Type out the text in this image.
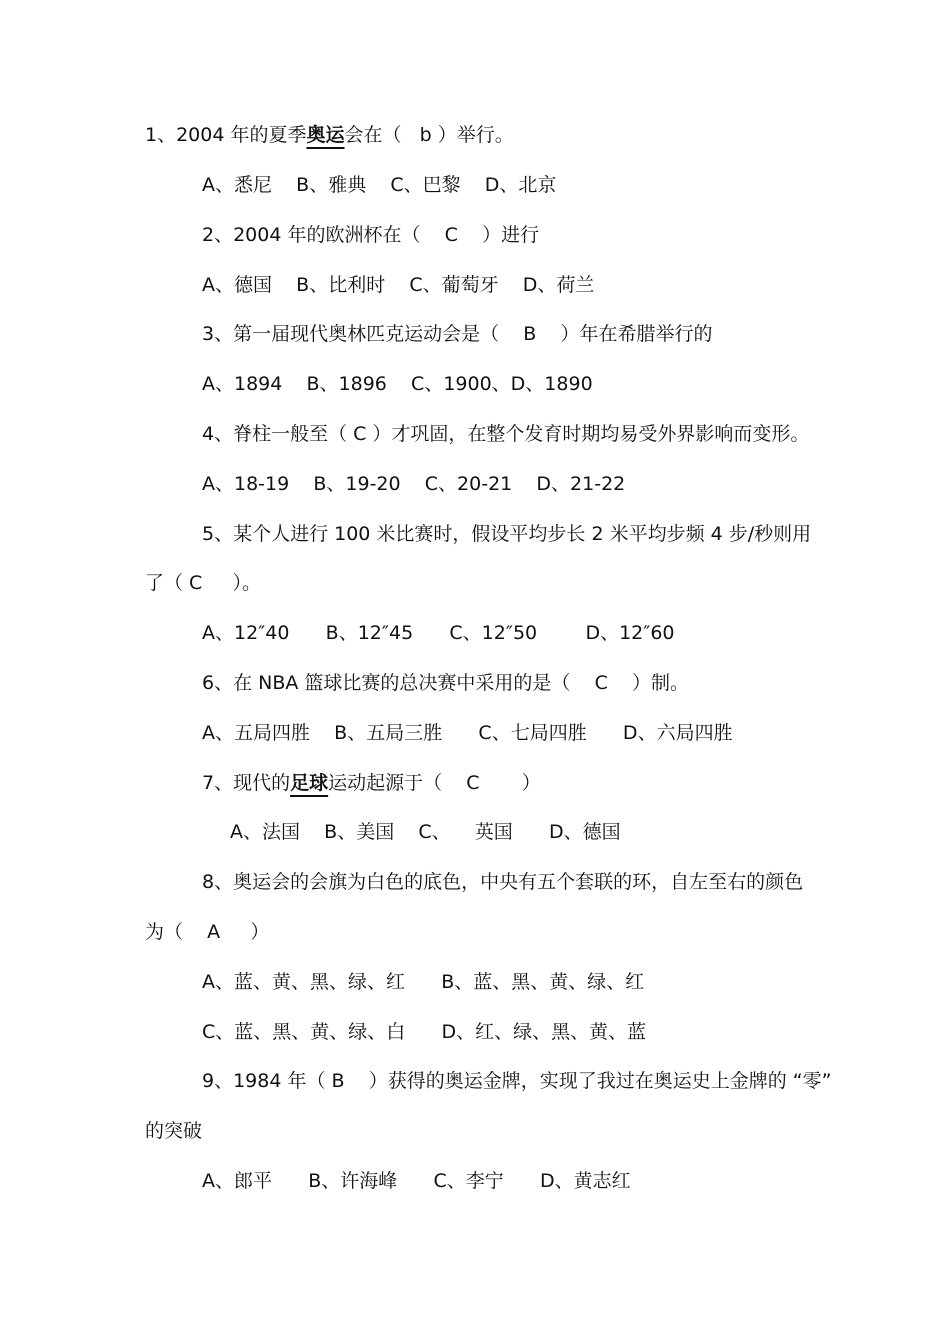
1、2004 年的夏季奥运会在（   b ）举行。
A、悉尼    B、雅典    C、巴黎    D、北京
2、2004 年的欧洲杯在（    C    ）进行
A、德国    B、比利时    C、葡萄牙    D、荷兰
3、第一届现代奥林匹克运动会是（    B    ）年在希腊举行的
A、1894    B、1896    C、1900、D、1890
4、脊柱一般至（ C ）才巩固，在整个发育时期均易受外界影响而变形。
A、18-19    B、19-20    C、20-21    D、21-22
5、某个人进行 100 米比赛时，假设平均步长 2 米平均步频 4 步/秒则用
了（ C     ）。
A、12″40      B、12″45      C、12″50        D、12″60
6、在 NBA 篮球比赛的总决赛中采用的是（    C    ）制。
A、五局四胜    B、五局三胜      C、七局四胜      D、六局四胜
7、现代的足球运动起源于（    C       ）
A、法国    B、美国    C、    英国      D、德国
8、奥运会的会旗为白色的底色，中央有五个套联的环，自左至右的颜色
为（    A     ）
A、蓝、黄、黑、绿、红      B、蓝、黑、黄、绿、红
C、蓝、黑、黄、绿、白      D、红、绿、黑、黄、蓝
9、1984 年（ B    ）获得的奥运金牌，实现了我过在奥运史上金牌的 “零”
的突破
A、郎平      B、许海峰      C、李宁      D、黄志红
